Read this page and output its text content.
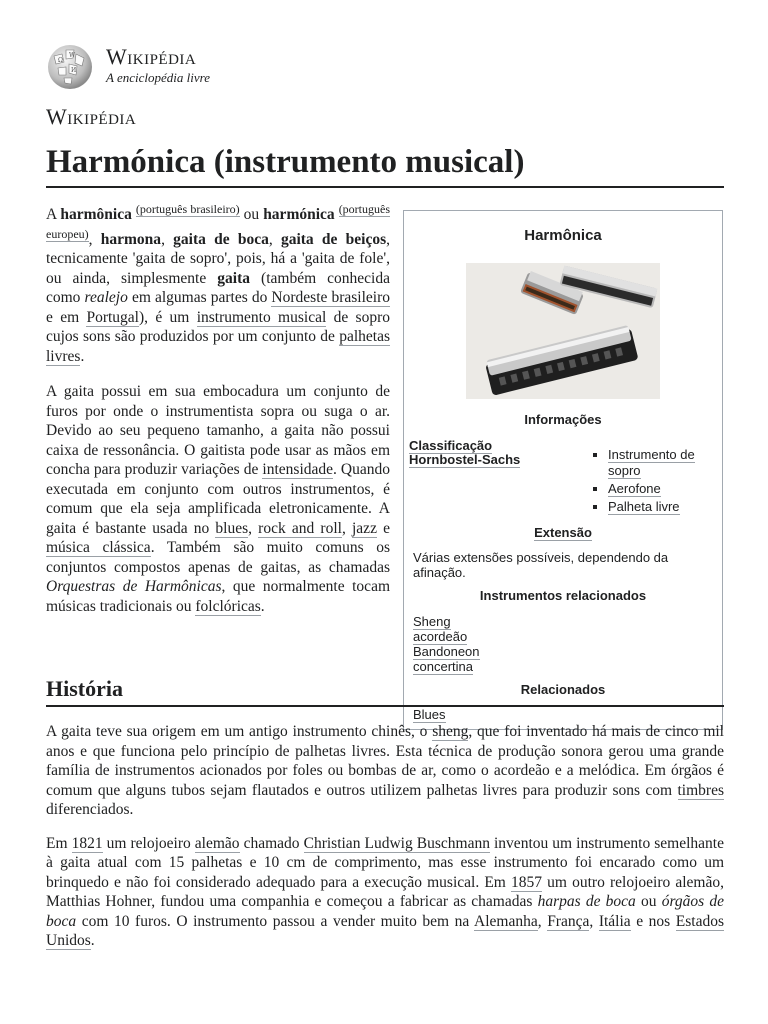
Ω
W
И
Wikipédia
A enciclopédia livre
Wikipédia
Harmónica (instrumento musical)

A harmônica $^{(português brasileiro)}$ ou harmónica $^{(português europeu)}$, harmona, gaita de boca, gaita de beiços, tecnicamente 'gaita de sopro', pois, há a 'gaita de fole', ou ainda, simplesmente gaita (também conhecida como realejo em algumas partes do Nordeste brasileiro e em Portugal), é um instrumento musical de sopro cujos sons são produzidos por um conjunto de palhetas livres.

A gaita possui em sua embocadura um conjunto de furos por onde o instrumentista sopra ou suga o ar. Devido ao seu pequeno tamanho, a gaita não possui caixa de ressonância. O gaitista pode usar as mãos em concha para produzir variações de intensidade. Quando executada em conjunto com outros instrumentos, é comum que ela seja amplificada eletronicamente. A gaita é bastante usada no blues, rock and roll, jazz e música clássica. Também são muito comuns os conjuntos compostos apenas de gaitas, as chamadas Orquestras de Harmônicas, que normalmente tocam músicas tradicionais ou folclóricas.

Harmônica
Informações
Classificação Hornbostel-Sachs
▪	Instrumento de sopro
▪ Aerofone
▪ Palheta livre
Extensão
Várias extensões possíveis, dependendo da afinação.
Instrumentos relacionados
Sheng
acordeão
Bandoneon
concertina
Relacionados
Blues
História

A gaita teve sua origem em um antigo instrumento chinês, o sheng, que foi inventado há mais de cinco mil anos e que funciona pelo princípio de palhetas livres. Esta técnica de produção sonora gerou uma grande família de instrumentos acionados por foles ou bombas de ar, como o acordeão e a melódica. Em órgãos é comum que alguns tubos sejam flautados e outros utilizem palhetas livres para produzir sons com timbres diferenciados.

Em 1821 um relojoeiro alemão chamado Christian Ludwig Buschmann inventou um instrumento semelhante à gaita atual com 15 palhetas e 10 cm de comprimento, mas esse instrumento foi encarado como um brinquedo e não foi considerado adequado para a execução musical. Em 1857 um outro relojoeiro alemão, Matthias Hohner, fundou uma companhia e começou a fabricar as chamadas harpas de boca ou órgãos de boca com 10 furos. O instrumento passou a vender muito bem na Alemanha, França, Itália e nos Estados Unidos.
